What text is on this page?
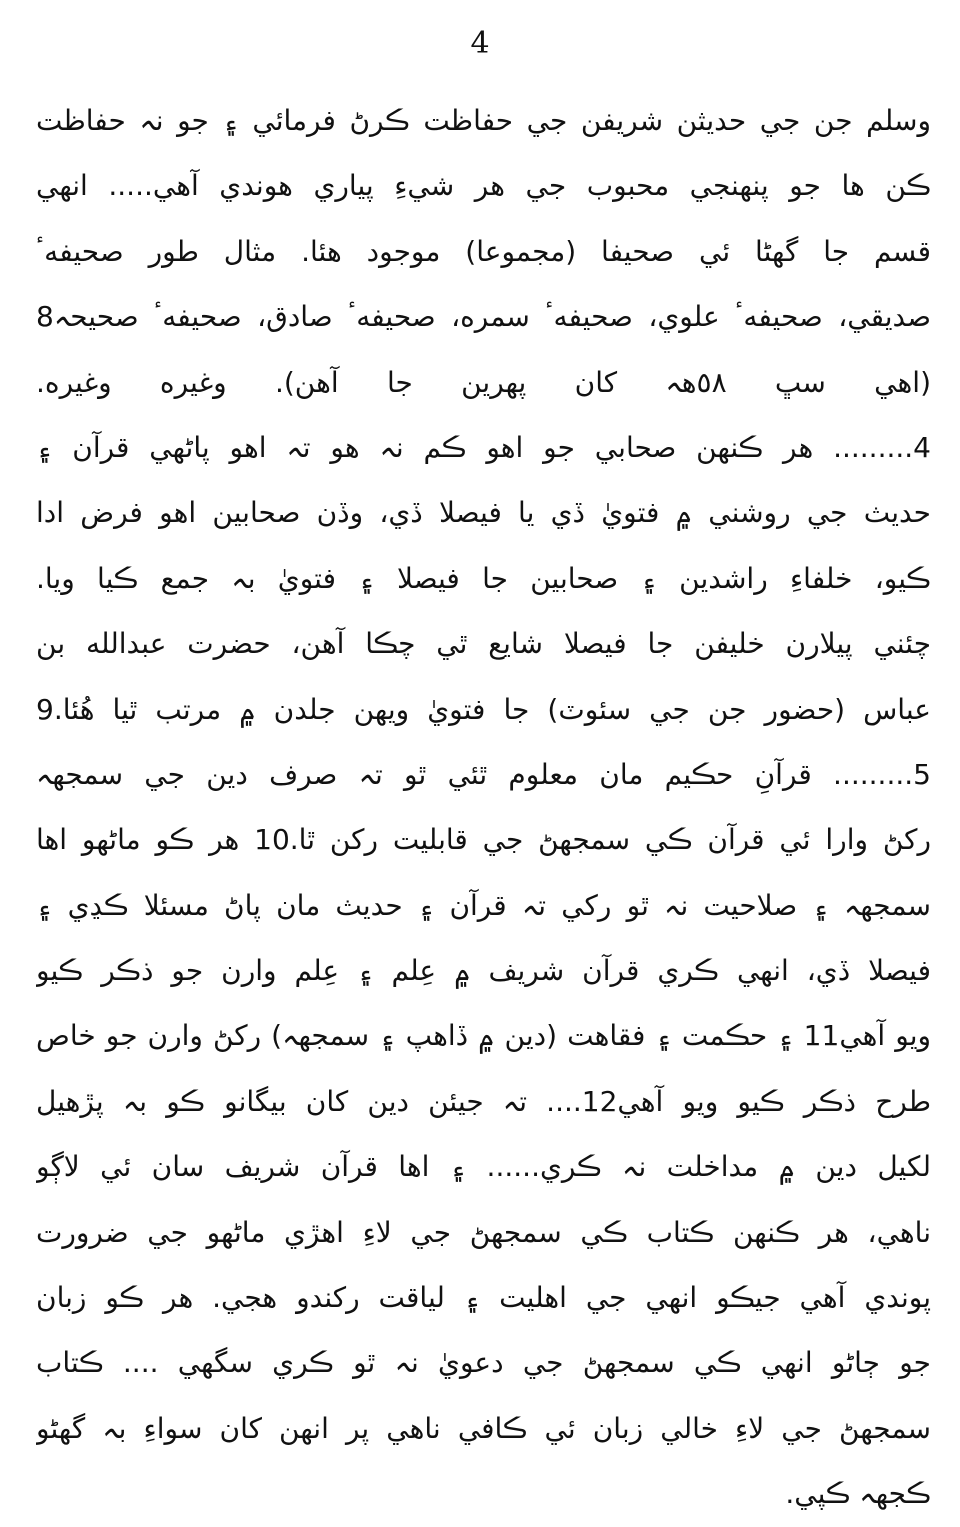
4
وسلم جن جي حديثن شريفن جي حفاظت ڪرڻ فرمائي ۽ جو نہ حفاظت
ڪن ها جو پنهنجي محبوب جي هر شيءِ پياري هوندي آهي..... انهي
قسم جا گهڻا ئي صحيفا (مجموعا) موجود هئا. مثال طور صحيفهٴ
صديقي، صحيفهٴ علوي، صحيفهٴ سمره، صحيفهٴ صادق، صحيفهٴ صحيحہ8
(اهي سڀ ٥٨هہ کان پهرين جا آهن). وغيره وغيره.
4......... هر ڪنهن صحابي جو اهو ڪم نہ هو تہ اهو پاڻهي قرآن ۽
حديث جي روشني ۾ فتويٰ ڏي يا فيصلا ڏي، وڏن صحابين اهو فرض ادا
ڪيو، خلفاءِ راشدين ۽ صحابين جا فيصلا ۽ فتويٰ بہ جمع ڪيا ويا.
چئني پيلارن خليفن جا فيصلا شايع ٿي چڪا آهن، حضرت عبدالله بن
عباس (حضور جن جي سئوٽ) جا فتويٰ ويهن جلدن ۾ مرتب ٿيا هُئا.9
5......... قرآنِ حڪيم مان معلوم ٿئي ٿو تہ صرف دين جي سمجهہ
رکڻ وارا ئي قرآن ڪي سمجهڻ جي قابليت رکن ٿا.10 هر ڪو ماڻهو اها
سمجهہ ۽ صلاحيت نہ ٿو رکي تہ قرآن ۽ حديث مان پاڻ مسئلا ڪڍي ۽
فيصلا ڏي، انهي ڪري قرآن شريف ۾ عِلم ۽ عِلم وارن جو ذڪر ڪيو
ويو آهي11 ۽ حڪمت ۽ فقاهت (دين ۾ ڏاهپ ۽ سمجهہ) رکڻ وارن جو خاص
طرح ذڪر ڪيو ويو آهي12.... تہ جيئن دين کان بيگانو ڪو بہ پڙهيل
لکيل دين ۾ مداخلت نہ ڪري...... ۽ اها قرآن شريف سان ئي لاڳو
ناهي، هر ڪنهن ڪتاب ڪي سمجهڻ جي لاءِ اهڙي ماڻهو جي ضرورت
پوندي آهي جيڪو انهي جي اهليت ۽ لياقت رکندو هجي. هر ڪو زبان
جو ڄاڻو انهي ڪي سمجهڻ جي دعويٰ نہ ٿو ڪري سگهي .... ڪتاب
سمجهڻ جي لاءِ خالي زبان ئي ڪافي ناهي پر انهن کان سواءِ بہ گهڻو
ڪجهہ ڪپي.
